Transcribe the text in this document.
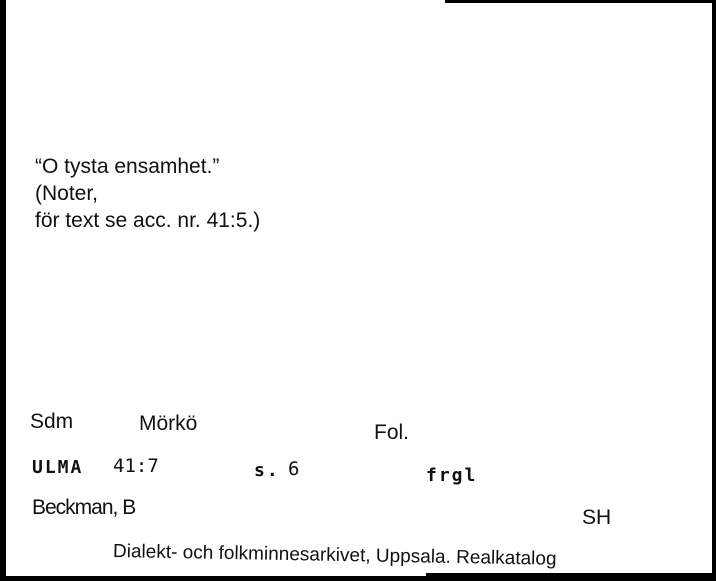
“O tysta ensamhet.”
(Noter,
för text se acc. nr. 41:5.)
Sdm	Mörkö	Fol.
ULMA 41:7	s. 6	frgl
Beckman, B	SH
Dialekt- och folkminnesarkivet, Uppsala. Realkatalog
